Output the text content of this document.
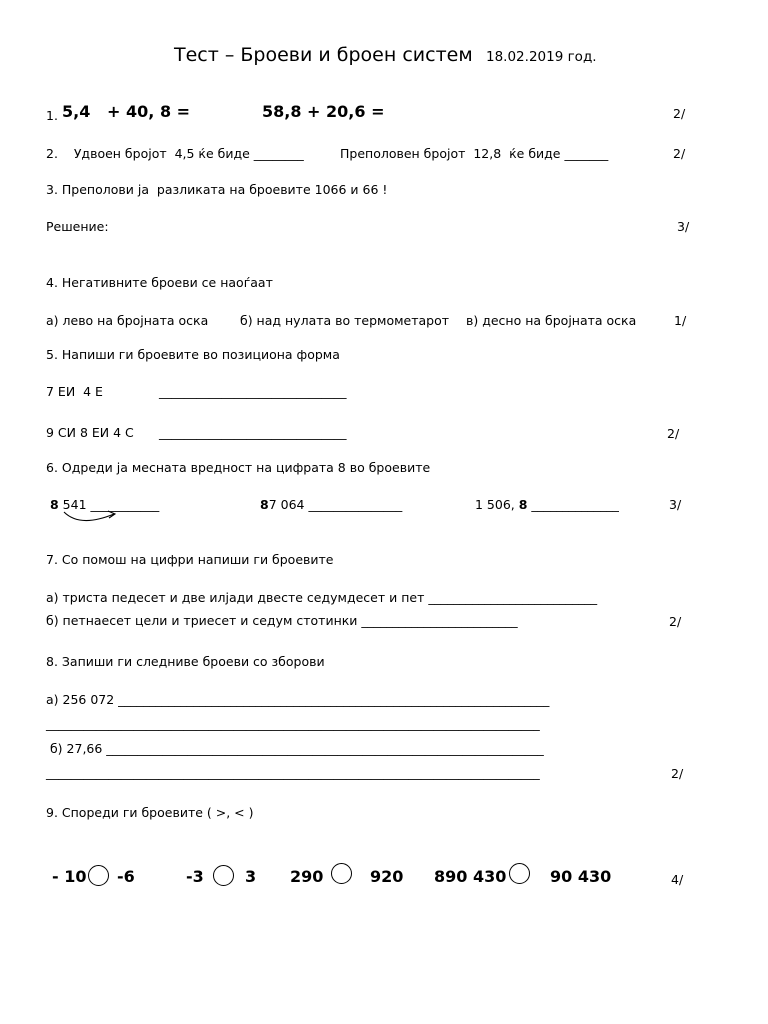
Тест – Броеви и броен систем 18.02.2019 год.
1. 5,4   + 40, 8 =	58,8 + 20,6 =	2/
2.    Удвоен бројот  4,5 ќе биде ________	Преполовен бројот  12,8  ќе биде _______	2/
3. Преполови ја  разликата на броевите 1066 и 66 !
Решение:	3/
4. Негативните броеви се наоѓаат
а) лево на бројната оска	б) над нулата во термометарот в) десно на бројната оска	1/
5. Напиши ги броевите во позициона форма
7 ЕИ  4 Е	______________________________
9 СИ 8 ЕИ 4 С ______________________________	2/
6. Одреди ја месната вредност на цифрата 8 во броевите
8 541 ___________	87 064 _______________	1 506, 8 ______________	3/
7. Со помош на цифри напиши ги броевите
а) триста педесет и две илјади двесте седумдесет и пет ___________________________
б) петнаесет цели и триесет и седум стотинки _________________________	2/
8. Запиши ги следниве броеви со зборови
а) 256 072 _____________________________________________________________________
_______________________________________________________________________________
б) 27,66 ______________________________________________________________________
_______________________________________________________________________________	2/
9. Спореди ги броевите ( >, < )
- 10 -6	-3	3 290	920 890 430	90 430	4/
